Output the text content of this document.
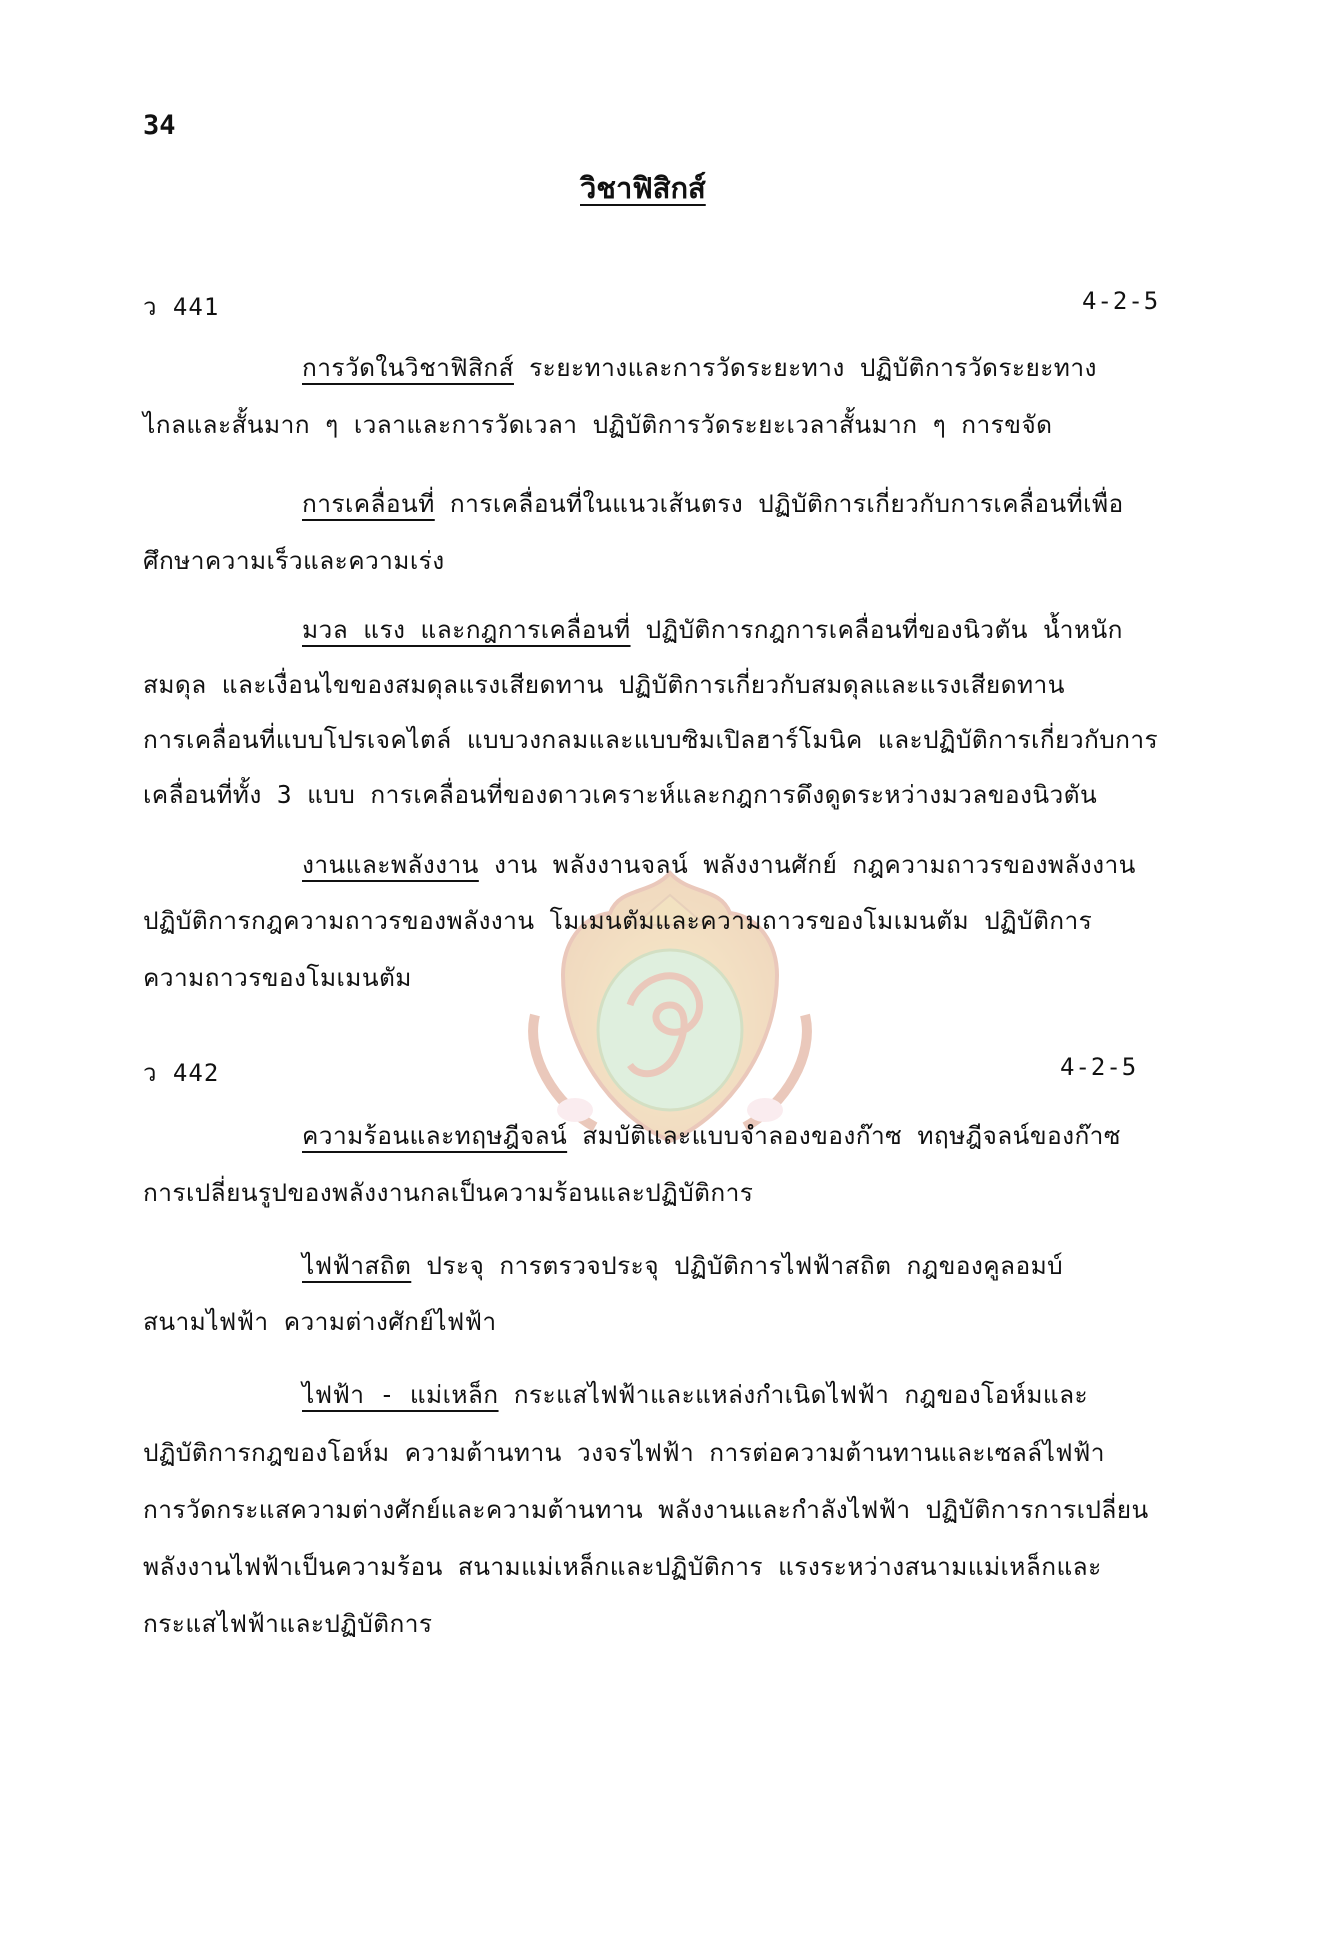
34
วิชาฟิสิกส์
ว 441	4-2-5
การวัดในวิชาฟิสิกส์ ระยะทางและการวัดระยะทาง ปฏิบัติการวัดระยะทาง
ไกลและสั้นมาก ๆ เวลาและการวัดเวลา ปฏิบัติการวัดระยะเวลาสั้นมาก ๆ การขจัด
การเคลื่อนที่ การเคลื่อนที่ในแนวเส้นตรง ปฏิบัติการเกี่ยวกับการเคลื่อนที่เพื่อ
ศึกษาความเร็วและความเร่ง
มวล แรง และกฎการเคลื่อนที่ ปฏิบัติการกฎการเคลื่อนที่ของนิวตัน น้ำหนัก
สมดุล และเงื่อนไขของสมดุลแรงเสียดทาน ปฏิบัติการเกี่ยวกับสมดุลและแรงเสียดทาน
การเคลื่อนที่แบบโปรเจคไตล์ แบบวงกลมและแบบซิมเปิลฮาร์โมนิค และปฏิบัติการเกี่ยวกับการ
เคลื่อนที่ทั้ง 3 แบบ การเคลื่อนที่ของดาวเคราะห์และกฎการดึงดูดระหว่างมวลของนิวตัน
งานและพลังงาน งาน พลังงานจลน์ พลังงานศักย์ กฎความถาวรของพลังงาน
ปฏิบัติการกฎความถาวรของพลังงาน โมเมนตัมและความถาวรของโมเมนตัม ปฏิบัติการ
ความถาวรของโมเมนตัม
ว 442	4-2-5
ความร้อนและทฤษฎีจลน์ สมบัติและแบบจำลองของก๊าซ ทฤษฎีจลน์ของก๊าซ
การเปลี่ยนรูปของพลังงานกลเป็นความร้อนและปฏิบัติการ
ไฟฟ้าสถิต ประจุ การตรวจประจุ ปฏิบัติการไฟฟ้าสถิต กฎของคูลอมบ์
สนามไฟฟ้า ความต่างศักย์ไฟฟ้า
ไฟฟ้า - แม่เหล็ก กระแสไฟฟ้าและแหล่งกำเนิดไฟฟ้า กฎของโอห์มและ
ปฏิบัติการกฎของโอห์ม ความต้านทาน วงจรไฟฟ้า การต่อความต้านทานและเซลล์ไฟฟ้า
การวัดกระแสความต่างศักย์และความต้านทาน พลังงานและกำลังไฟฟ้า ปฏิบัติการการเปลี่ยน
พลังงานไฟฟ้าเป็นความร้อน สนามแม่เหล็กและปฏิบัติการ แรงระหว่างสนามแม่เหล็กและ
กระแสไฟฟ้าและปฏิบัติการ
